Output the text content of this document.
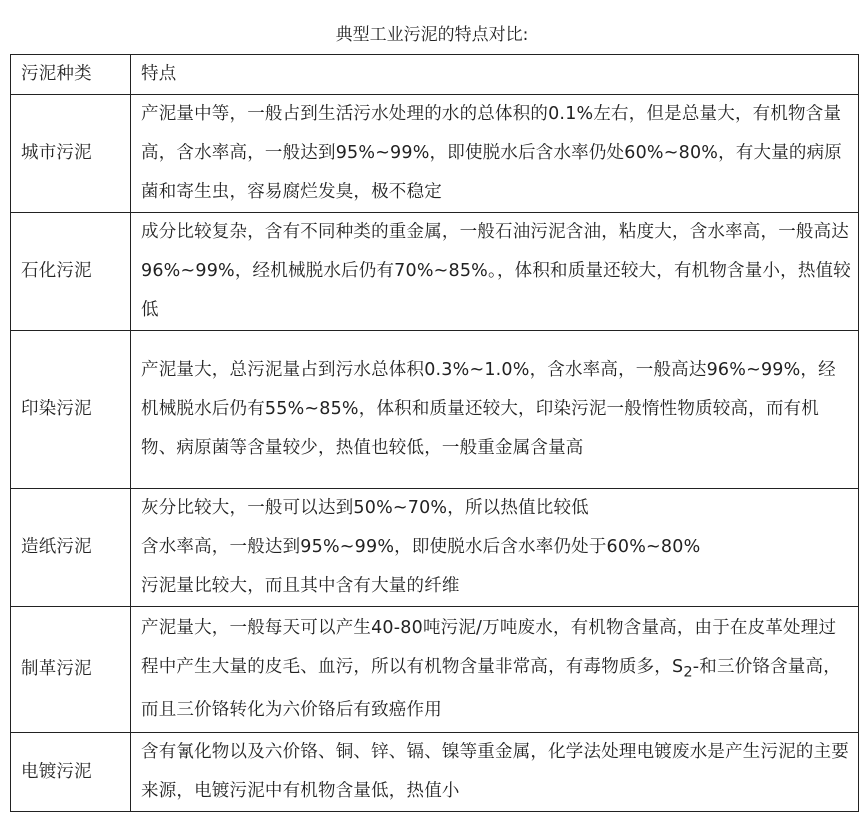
典型工业污泥的特点对比:
污泥种类	特点
城市污泥	产泥量中等，一般占到生活污水处理的水的总体积的0.1%左右，但是总量大，有机物含量高，含水率高，一般达到95%~99%，即使脱水后含水率仍处60%~80%，有大量的病原菌和寄生虫，容易腐烂发臭，极不稳定
石化污泥	成分比较复杂，含有不同种类的重金属，一般石油污泥含油，粘度大，含水率高，一般高达96%~99%，经机械脱水后仍有70%~85%。，体积和质量还较大，有机物含量小，热值较低
印染污泥	产泥量大，总污泥量占到污水总体积0.3%~1.0%，含水率高，一般高达96%~99%，经机械脱水后仍有55%~85%，体积和质量还较大，印染污泥一般惰性物质较高，而有机物、病原菌等含量较少，热值也较低，一般重金属含量高
造纸污泥	灰分比较大，一般可以达到50%~70%，所以热值比较低
含水率高，一般达到95%~99%，即使脱水后含水率仍处于60%~80%
污泥量比较大，而且其中含有大量的纤维

制革污泥	产泥量大，一般每天可以产生40-80吨污泥/万吨废水，有机物含量高，由于在皮革处理过程中产生大量的皮毛、血污，所以有机物含量非常高，有毒物质多，$S_2-$和三价铬含量高，而且三价铬转化为六价铬后有致癌作用
电镀污泥	含有氰化物以及六价铬、铜、锌、镉、镍等重金属，化学法处理电镀废水是产生污泥的主要来源，电镀污泥中有机物含量低，热值小
